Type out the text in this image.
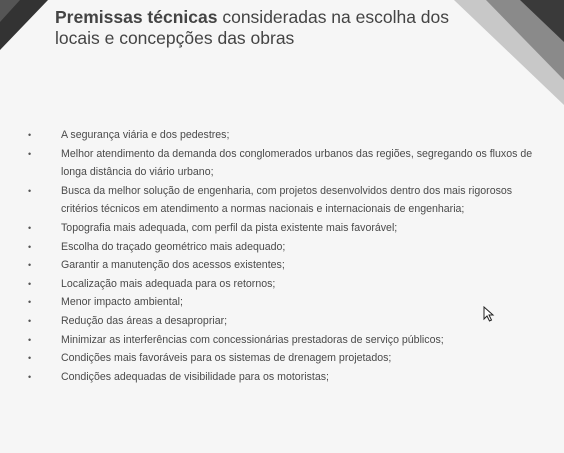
Premissas técnicas consideradas na escolha dos locais e concepções das obras
•	A segurança viária e dos pedestres;
•	Melhor atendimento da demanda dos conglomerados urbanos das regiões, segregando os fluxos de longa distância do viário urbano;
•	Busca da melhor solução de engenharia, com projetos desenvolvidos dentro dos mais rigorosos critérios técnicos em atendimento a normas nacionais e internacionais de engenharia;
•	Topografia mais adequada, com perfil da pista existente mais favorável;
•	Escolha do traçado geométrico mais adequado;
•	Garantir a manutenção dos acessos existentes;
•	Localização mais adequada para os retornos;
•	Menor impacto ambiental;
•	Redução das áreas a desapropriar;
•	Minimizar as interferências com concessionárias prestadoras de serviço públicos;
•	Condições mais favoráveis para os sistemas de drenagem projetados;
•	Condições adequadas de visibilidade para os motoristas;
